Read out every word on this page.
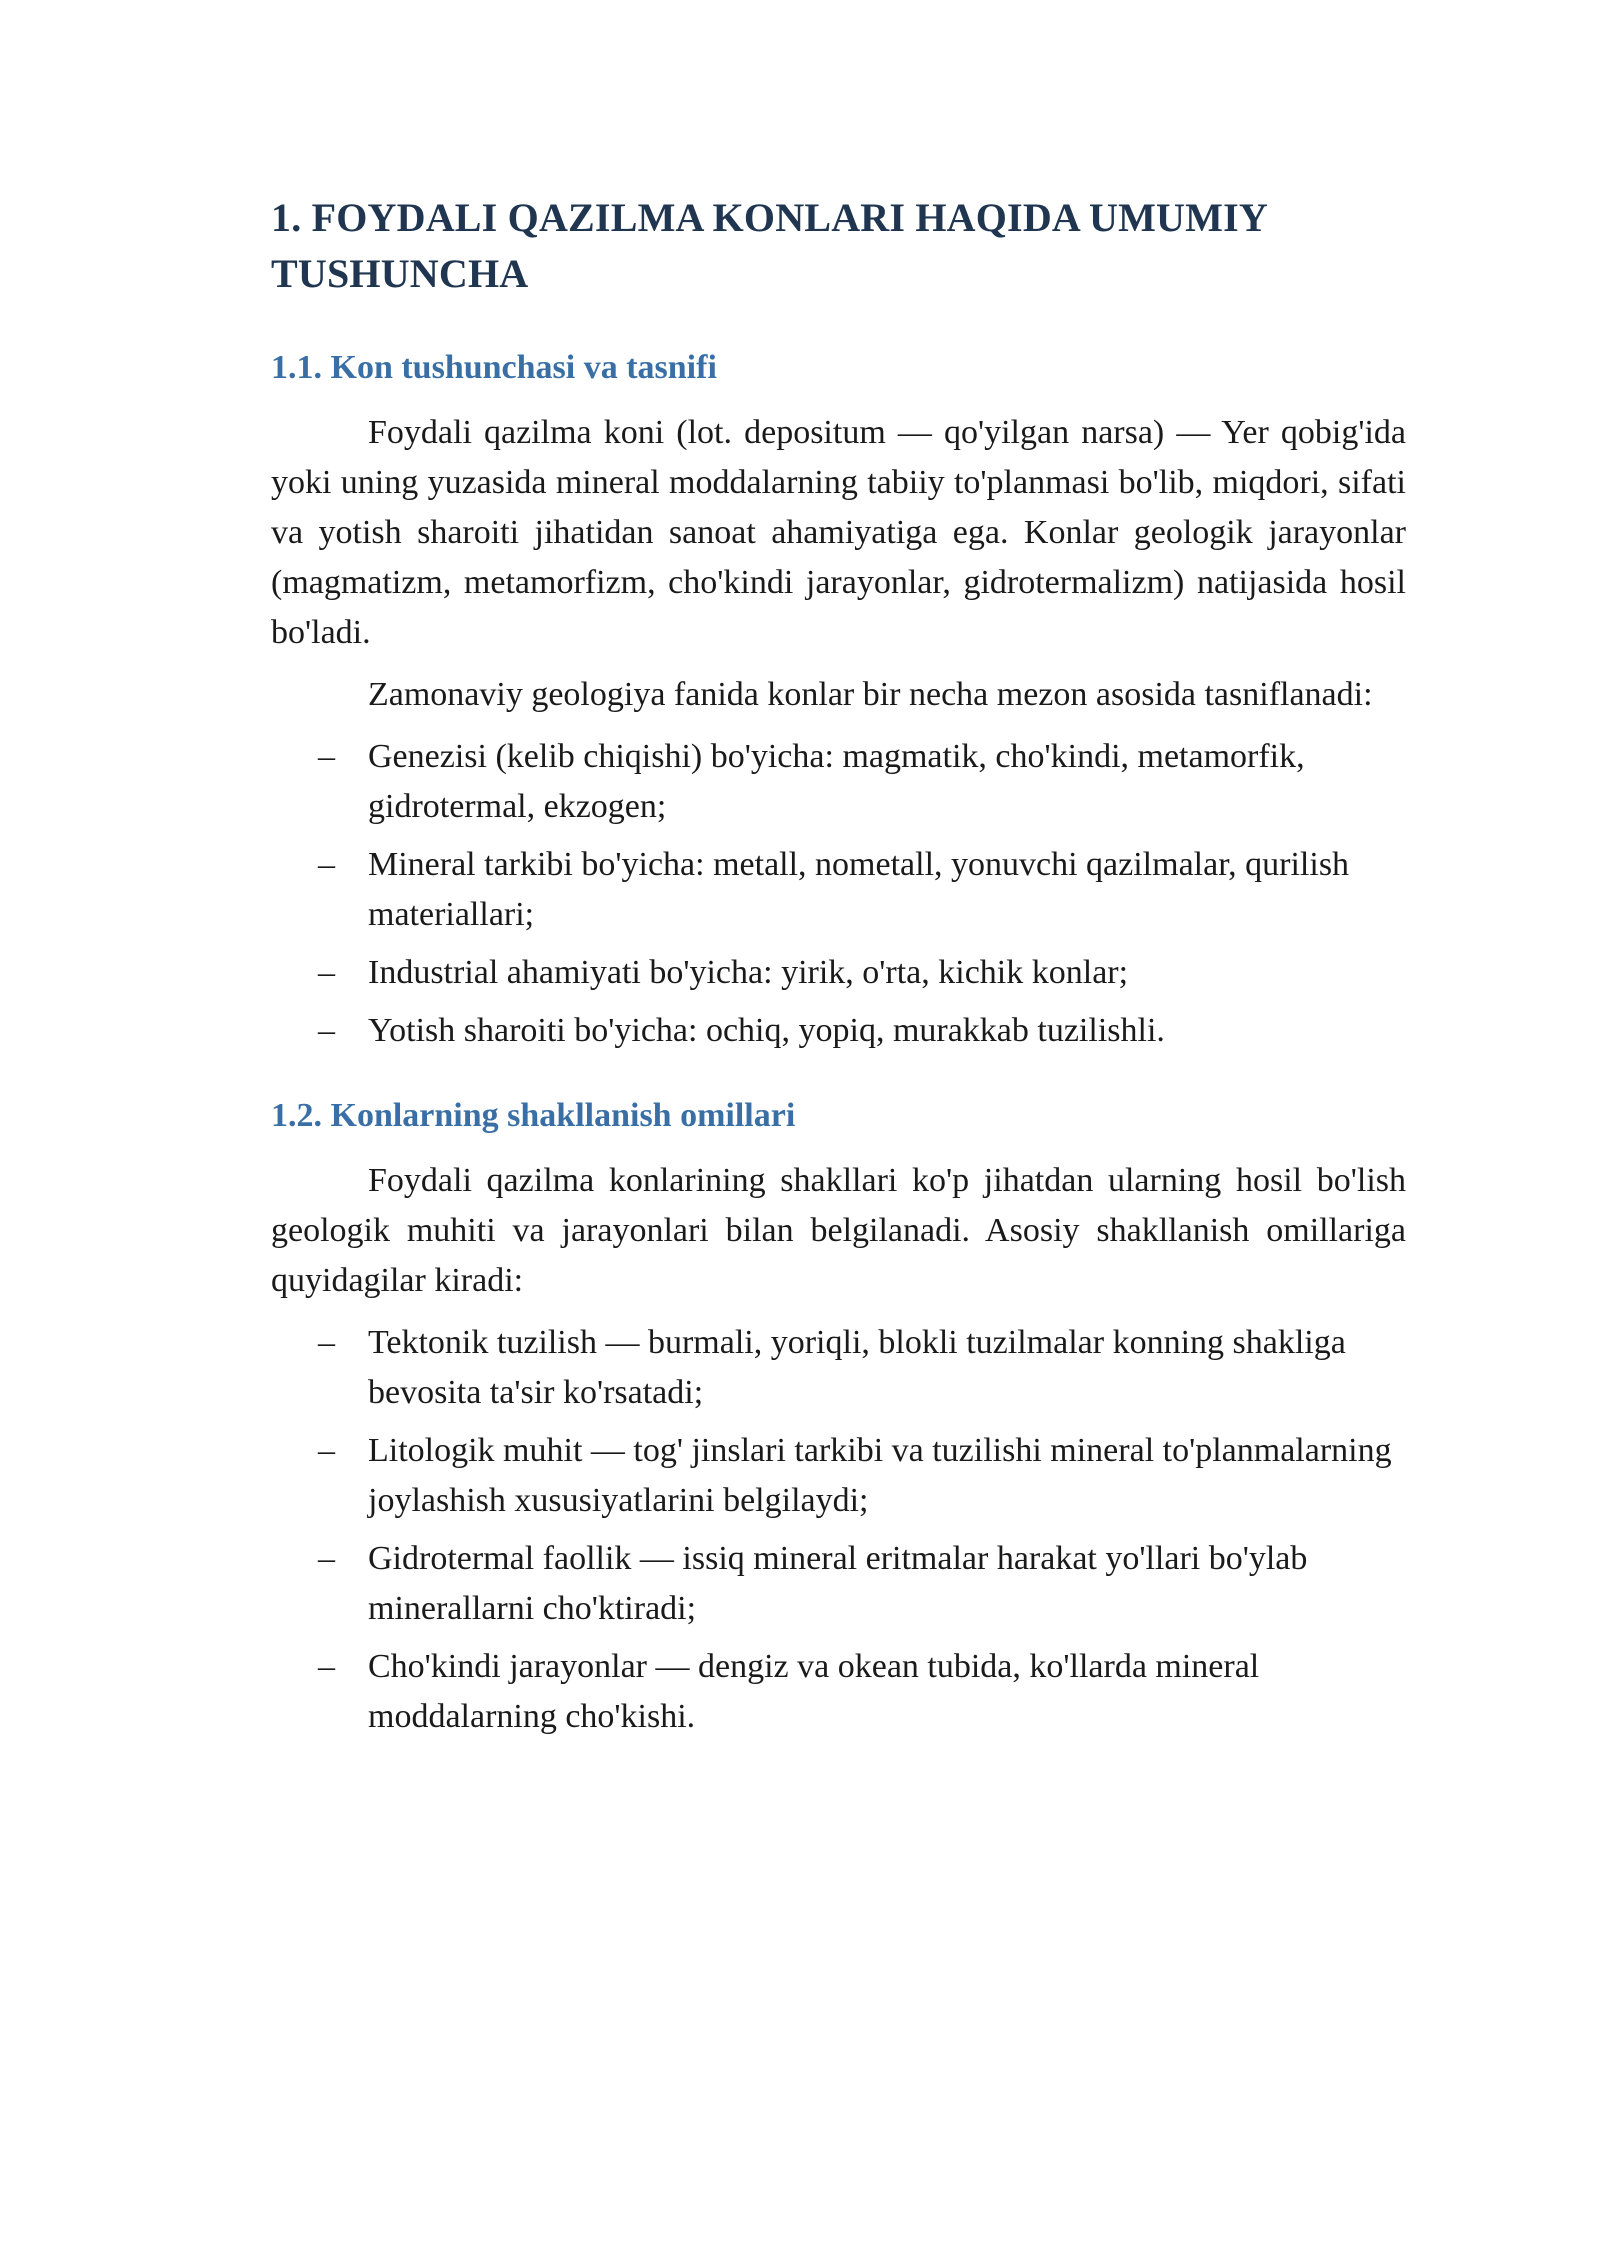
1. FOYDALI QAZILMA KONLARI HAQIDA UMUMIY TUSHUNCHA
1.1. Kon tushunchasi va tasnifi

Foydali qazilma koni (lot. depositum — qo'yilgan narsa) — Yer qobig'ida yoki uning yuzasida mineral moddalarning tabiiy to'planmasi bo'lib, miqdori, sifati va yotish sharoiti jihatidan sanoat ahamiyatiga ega. Konlar geologik jarayonlar (magmatizm, metamorfizm, cho'kindi jarayonlar, gidrotermalizm) natijasida hosil bo'ladi.

Zamonaviy geologiya fanida konlar bir necha mezon asosida tasniflanadi:

– Genezisi (kelib chiqishi) bo'yicha: magmatik, cho'kindi, metamorfik, gidrotermal, ekzogen;
– Mineral tarkibi bo'yicha: metall, nometall, yonuvchi qazilmalar, qurilish materiallari;
– Industrial ahamiyati bo'yicha: yirik, o'rta, kichik konlar;
– Yotish sharoiti bo'yicha: ochiq, yopiq, murakkab tuzilishli.
1.2. Konlarning shakllanish omillari

Foydali qazilma konlarining shakllari ko'p jihatdan ularning hosil bo'lish geologik muhiti va jarayonlari bilan belgilanadi. Asosiy shakllanish omillariga quyidagilar kiradi:

– Tektonik tuzilish — burmali, yoriqli, blokli tuzilmalar konning shakliga bevosita ta'sir ko'rsatadi;
– Litologik muhit — tog' jinslari tarkibi va tuzilishi mineral to'planmalarning joylashish xususiyatlarini belgilaydi;
– Gidrotermal faollik — issiq mineral eritmalar harakat yo'llari bo'ylab minerallarni cho'ktiradi;
– Cho'kindi jarayonlar — dengiz va okean tubida, ko'llarda mineral moddalarning cho'kishi.
